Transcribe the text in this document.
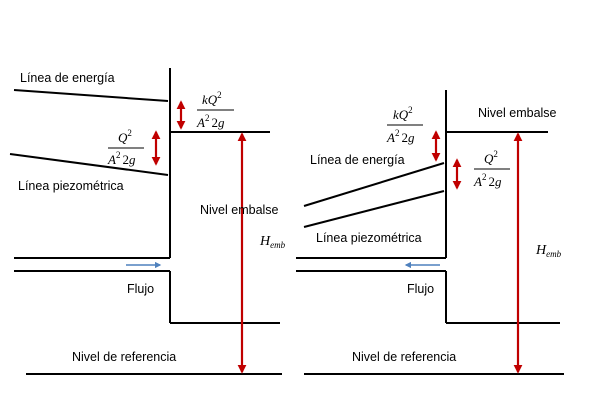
Línea de energía
Línea piezométrica
Flujo
Nivel de referencia
Nivel embalse
Hemb
$kQ^2$
$A^2$ $_2$g
$Q^2$
$A^2$ $_2$g
Nivel embalse
Línea de energía
Línea piezométrica
Flujo
Nivel de referencia
Hemb
$kQ^2$
$A^2$ $_2$g
$Q^2$
$A^2$ $_2$g
